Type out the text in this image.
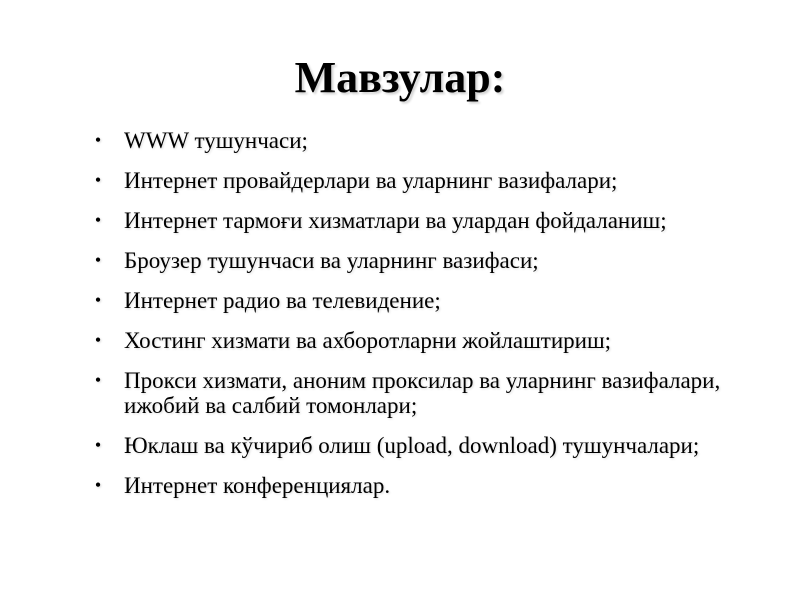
Мавзулар:
• WWW тушунчаси;
• Интернет провайдерлари ва уларнинг вазифалари;
• Интернет тармоғи хизматлари ва улардан фойдаланиш;
• Броузер тушунчаси ва уларнинг вазифаси;
• Интернет радио ва телевидение;
• Хостинг хизмати ва ахборотларни жойлаштириш;
• Прокси хизмати, аноним проксилар ва уларнинг вазифалари, ижобий ва салбий томонлари;
• Юклаш ва кўчириб олиш (upload, download) тушунчалари;
• Интернет конференциялар.
